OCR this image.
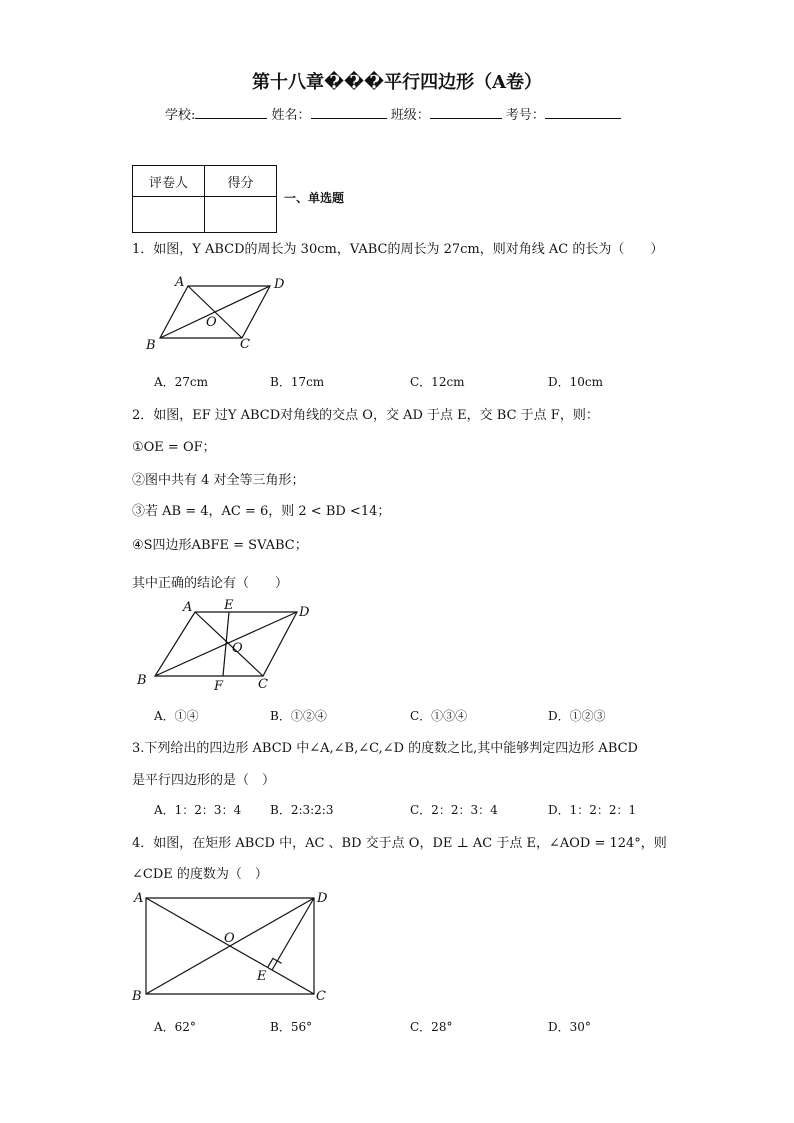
第十八章���平行四边形（A卷）
学校:	姓名：	班级：	考号：
评卷人	得分

一、单选题
1．如图，Y ABCD的周长为 30cm，VABC的周长为 27cm，则对角线 AC 的长为（　　）
A	D
O
B	C
A．27cm	B．17cm	C．12cm	D．10cm
2．如图，EF 过Y ABCD对角线的交点 O，交 AD 于点 E，交 BC 于点 F，则：
①OE = OF；
②图中共有 4 对全等三角形；
③若 AB = 4，AC = 6，则 2 < BD <14；
④S四边形ABFE = SVABC；
其中正确的结论有（　　）
A E	D
O
B	F	C
A．①④	B．①②④	C．①③④	D．①②③
3.下列给出的四边形 ABCD 中∠A,∠B,∠C,∠D 的度数之比,其中能够判定四边形 ABCD
是平行四边形的是（　）
A．1：2：3：4 B．2:3:2:3	C．2：2：3：4	D．1：2：2：1
4．如图，在矩形 ABCD 中，AC 、BD 交于点 O，DE ⊥ AC 于点 E，∠AOD = 124°，则
∠CDE 的度数为（　）
A	D
O
E
B	C
A．62°	B．56°	C．28°	D．30°
